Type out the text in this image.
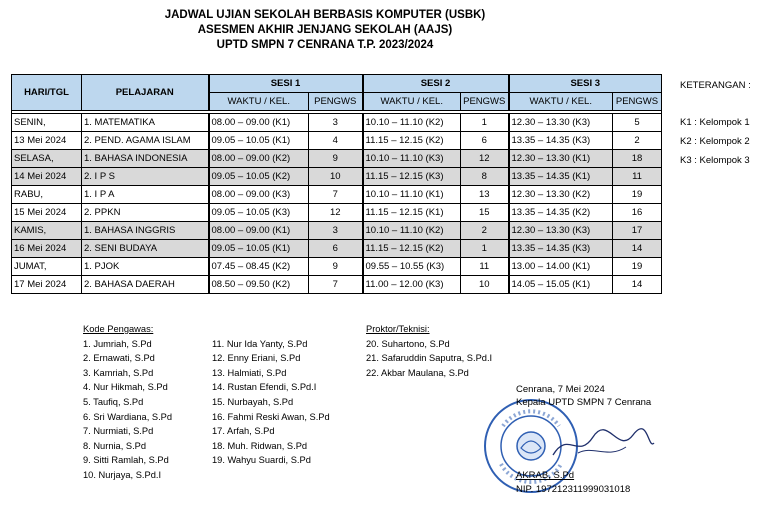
JADWAL UJIAN SEKOLAH BERBASIS KOMPUTER (USBK)
ASESMEN AKHIR JENJANG SEKOLAH (AAJS)
UPTD SMPN 7 CENRANA T.P. 2023/2024
HARI/TGL	PELAJARAN	SESI 1		SESI 2		SESI 3	
		WAKTU / KEL.	PENGWS	WAKTU / KEL.	PENGWS	WAKTU / KEL.	PENGWS

SENIN,	1. MATEMATIKA	08.00 – 09.00 (K1)	3	10.10 – 11.10 (K2)	1	12.30 – 13.30 (K3)	5
13 Mei 2024	2. PEND. AGAMA ISLAM	09.05 – 10.05 (K1)	4	11.15 – 12.15 (K2)	6	13.35 – 14.35 (K3)	2
SELASA,	1. BAHASA INDONESIA	08.00 – 09.00 (K2)	9	10.10 – 11.10 (K3)	12	12.30 – 13.30 (K1)	18
14 Mei 2024	2. I P S	09.05 – 10.05 (K2)	10	11.15 – 12.15 (K3)	8	13.35 – 14.35 (K1)	11
RABU,	1. I P A	08.00 – 09.00 (K3)	7	10.10 – 11.10 (K1)	13	12.30 – 13.30 (K2)	19
15 Mei 2024	2. PPKN	09.05 – 10.05 (K3)	12	11.15 – 12.15 (K1)	15	13.35 – 14.35 (K2)	16
KAMIS,	1. BAHASA INGGRIS	08.00 – 09.00 (K1)	3	10.10 – 11.10 (K2)	2	12.30 – 13.30 (K3)	17
16 Mei 2024	2. SENI BUDAYA	09.05 – 10.05 (K1)	6	11.15 – 12.15 (K2)	1	13.35 – 14.35 (K3)	14
JUMAT,	1. PJOK	07.45 – 08.45 (K2)	9	09.55 – 10.55 (K3)	11	13.00 – 14.00 (K1)	19
17 Mei 2024	2. BAHASA DAERAH	08.50 – 09.50 (K2)	7	11.00 – 12.00 (K3)	10	14.05 – 15.05 (K1)	14
KETERANGAN :
K1 : Kelompok 1
K2 : Kelompok 2
K3 : Kelompok 3
Kode Pengawas:
1. Jumriah, S.Pd
2. Ernawati, S.Pd
3. Kamriah, S.Pd
4. Nur Hikmah, S.Pd
5. Taufiq, S.Pd
6. Sri Wardiana, S.Pd
7. Nurmiati, S.Pd
8. Nurnia, S.Pd
9. Sitti Ramlah, S.Pd
10. Nurjaya, S.Pd.I
11. Nur Ida Yanty, S.Pd
12. Enny Eriani, S.Pd
13. Halmiati, S.Pd
14. Rustan Efendi, S.Pd.I
15. Nurbayah, S.Pd
16. Fahmi Reski Awan, S.Pd
17. Arfah, S.Pd
18. Muh. Ridwan, S.Pd
19. Wahyu Suardi, S.Pd
Proktor/Teknisi:
20. Suhartono, S.Pd
21. Safaruddin Saputra, S.Pd.I
22. Akbar Maulana, S.Pd
Cenrana, 7 Mei 2024
Kepala UPTD SMPN 7 Cenrana
AKRAB, S.Pd
NIP. 197212311999031018
